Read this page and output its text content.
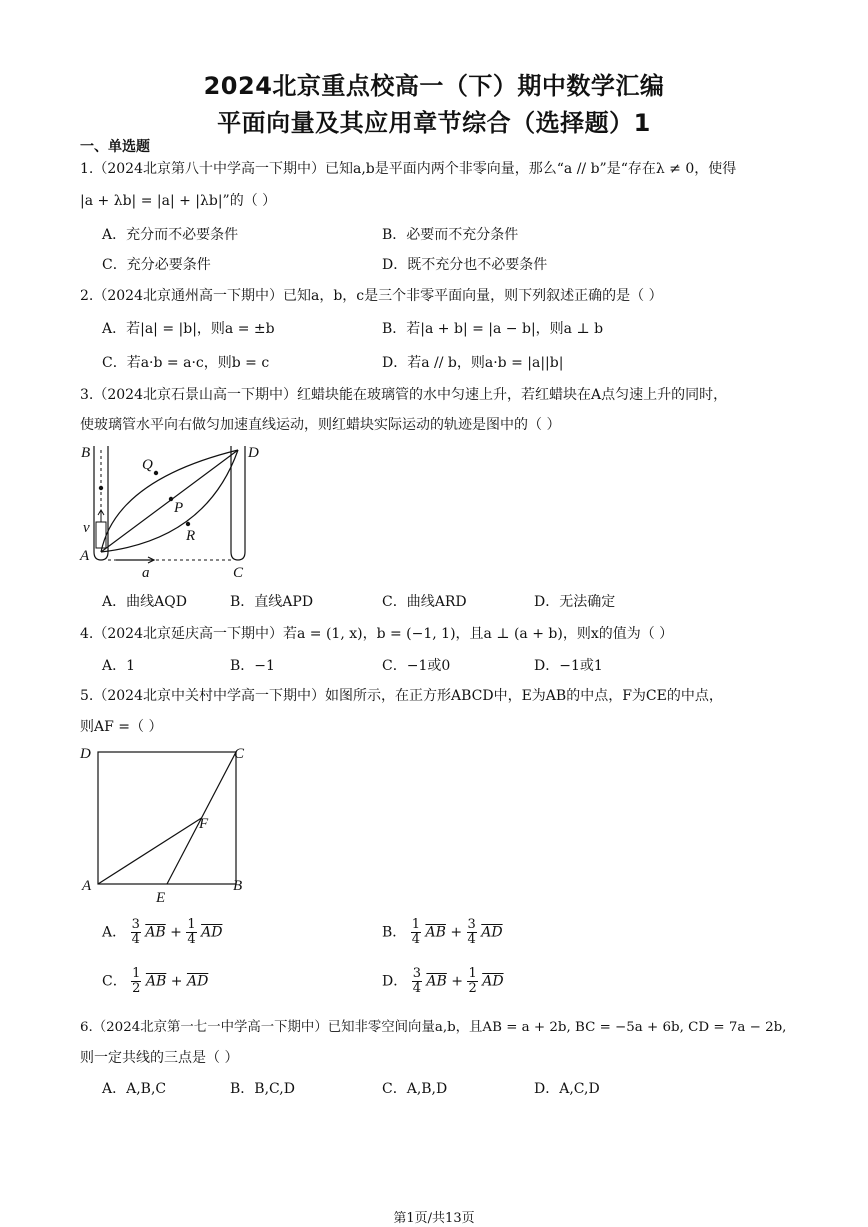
2024北京重点校高一（下）期中数学汇编
平面向量及其应用章节综合（选择题）1
一、单选题
1.（2024北京第八十中学高一下期中）已知a,b是平面内两个非零向量，那么“a // b”是“存在λ ≠ 0，使得
|a + λb| = |a| + |λb|”的（ ）
A．充分而不必要条件	B．必要而不充分条件
C．充分必要条件	D．既不充分也不必要条件
2.（2024北京通州高一下期中）已知a，b，c是三个非零平面向量，则下列叙述正确的是（ ）
A．若|a| = |b|，则a = ±b	B．若|a + b| = |a − b|，则a ⊥ b
C．若a·b = a·c，则b = c	D．若a // b，则a·b = |a||b|
3.（2024北京石景山高一下期中）红蜡块能在玻璃管的水中匀速上升，若红蜡块在A点匀速上升的同时，
使玻璃管水平向右做匀加速直线运动，则红蜡块实际运动的轨迹是图中的（ ）
B	D
Q
P
v	R
A
a	C
A．曲线AQD	B．直线APD	C．曲线ARD	D．无法确定
4.（2024北京延庆高一下期中）若a = (1, x)，b = (−1, 1)，且a ⊥ (a + b)，则x的值为（ ）
A．1	B．−1	C．−1或0	D．−1或1
5.（2024北京中关村中学高一下期中）如图所示，在正方形ABCD中，E为AB的中点，F为CE的中点，
则AF =（ ）
D	C
F
A
E
B
A． $\frac{3}{4} \overline{AB} + \frac{1}{4} \overline{AD}$	B． $\frac{1}{4} \overline{AB} + \frac{3}{4} \overline{AD}$
C． $\frac{1}{2} \overline{AB} + \overline{AD}$	D． $\frac{3}{4} \overline{AB} + \frac{1}{2} \overline{AD}$
6.（2024北京第一七一中学高一下期中）已知非零空间向量a,b，且AB = a + 2b, BC = −5a + 6b, CD = 7a − 2b,
则一定共线的三点是（ ）
A．A,B,C	B．B,C,D	C．A,B,D	D．A,C,D
第1页/共13页
